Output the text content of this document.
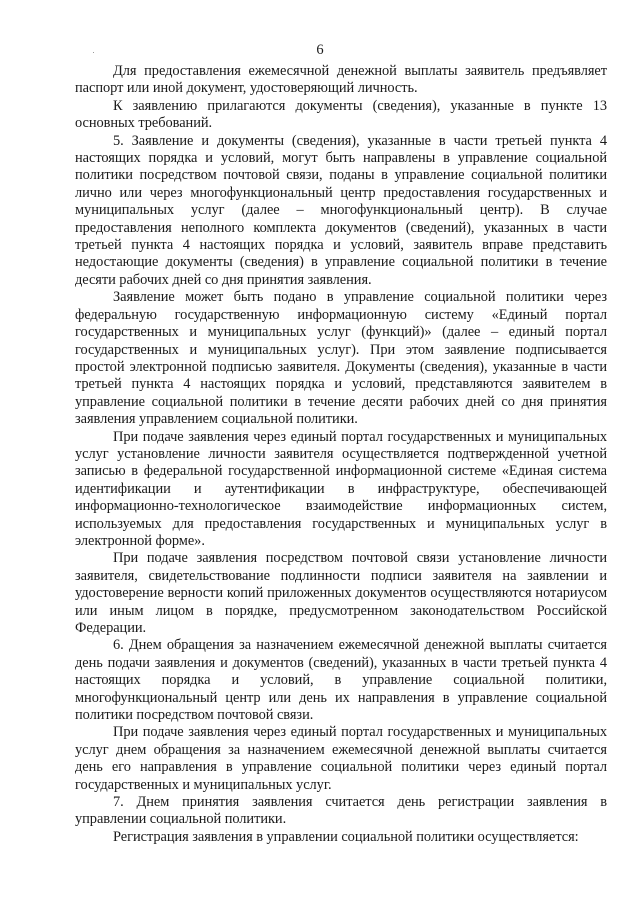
6

Для предоставления ежемесячной денежной выплаты заявитель предъявляет паспорт или иной документ, удостоверяющий личность.

К заявлению прилагаются документы (сведения), указанные в пункте 13 основных требований.

5. Заявление и документы (сведения), указанные в части третьей пункта 4 настоящих порядка и условий, могут быть направлены в управление социальной политики посредством почтовой связи, поданы в управление социальной политики лично или через многофункциональный центр предоставления государственных и муниципальных услуг (далее – многофункциональный центр). В случае предоставления неполного комплекта документов (сведений), указанных в части третьей пункта 4 настоящих порядка и условий, заявитель вправе представить недостающие документы (сведения) в управление социальной политики в течение десяти рабочих дней со дня принятия заявления.

Заявление может быть подано в управление социальной политики через федеральную государственную информационную систему «Единый портал государственных и муниципальных услуг (функций)» (далее – единый портал государственных и муниципальных услуг). При этом заявление подписывается простой электронной подписью заявителя. Документы (сведения), указанные в части третьей пункта 4 настоящих порядка и условий, представляются заявителем в управление социальной политики в течение десяти рабочих дней со дня принятия заявления управлением социальной политики.

При подаче заявления через единый портал государственных и муниципальных услуг установление личности заявителя осуществляется подтвержденной учетной записью в федеральной государственной информационной системе «Единая система идентификации и аутентификации в инфраструктуре, обеспечивающей информационно-технологическое взаимодействие информационных систем, используемых для предоставления государственных и муниципальных услуг в электронной форме».

При подаче заявления посредством почтовой связи установление личности заявителя, свидетельствование подлинности подписи заявителя на заявлении и удостоверение верности копий приложенных документов осуществляются нотариусом или иным лицом в порядке, предусмотренном законодательством Российской Федерации.

6. Днем обращения за назначением ежемесячной денежной выплаты считается день подачи заявления и документов (сведений), указанных в части третьей пункта 4 настоящих порядка и условий, в управление социальной политики, многофункциональный центр или день их направления в управление социальной политики посредством почтовой связи.

При подаче заявления через единый портал государственных и муниципальных услуг днем обращения за назначением ежемесячной денежной выплаты считается день его направления в управление социальной политики через единый портал государственных и муниципальных услуг.

7. Днем принятия заявления считается день регистрации заявления в управлении социальной политики.

Регистрация заявления в управлении социальной политики осуществляется:
